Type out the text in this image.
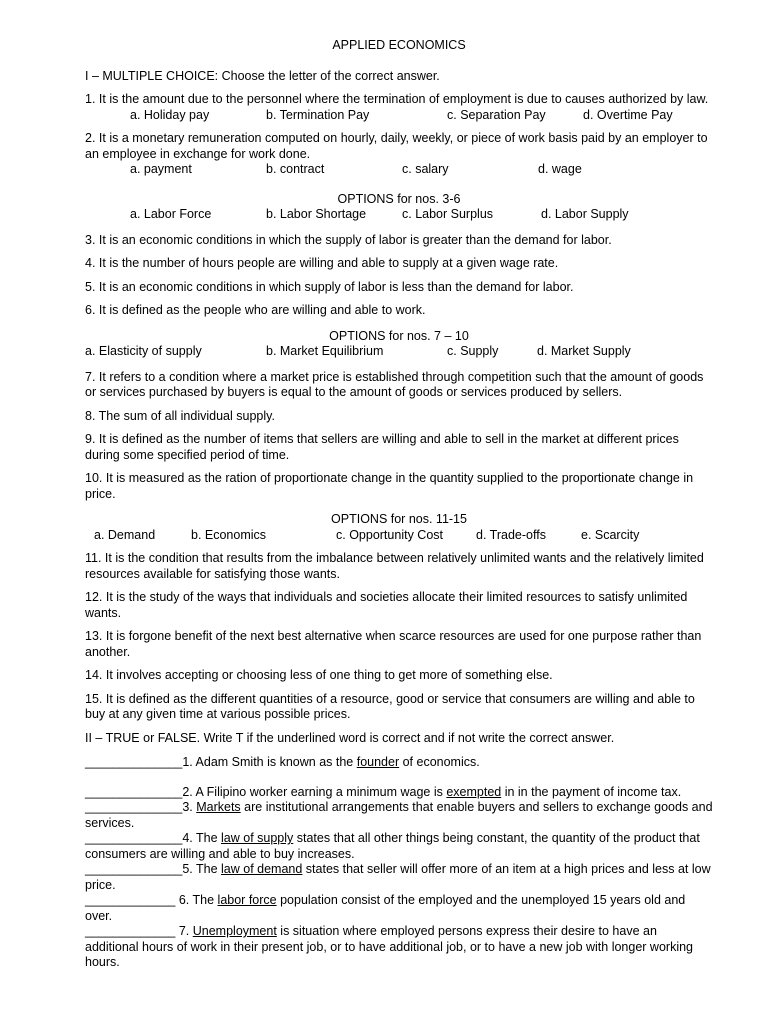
APPLIED ECONOMICS
I – MULTIPLE CHOICE: Choose the letter of the correct answer.
1. It is the amount due to the personnel where the termination of employment is due to causes authorized by law.
a. Holiday pay	b. Termination Pay	c. Separation Pay	d. Overtime Pay
2. It is a monetary remuneration computed on hourly, daily, weekly, or piece of work basis paid by an employer to an employee in exchange for work done.
a. payment	b. contract	c. salary	d. wage
OPTIONS for nos. 3-6
a. Labor Force	b. Labor Shortage	c. Labor Surplus	d. Labor Supply
3. It is an economic conditions in which the supply of labor is greater than the demand for labor.
4. It is the number of hours people are willing and able to supply at a given wage rate.
5. It is an economic conditions in which supply of labor is less than the demand for labor.
6. It is defined as the people who are willing and able to work.
OPTIONS for nos. 7 – 10
a. Elasticity of supply	b. Market Equilibrium	c. Supply	d. Market Supply
7. It refers to a condition where a market price is established through competition such that the amount of goods or services purchased by buyers is equal to the amount of goods or services produced by sellers.
8. The sum of all individual supply.
9. It is defined as the number of items that sellers are willing and able to sell in the market at different prices during some specified period of time.
10. It is measured as the ration of proportionate change in the quantity supplied to the proportionate change in price.
OPTIONS for nos. 11-15
a. Demand	b. Economics	c. Opportunity Cost	d. Trade-offs	e. Scarcity
11. It is the condition that results from the imbalance between relatively unlimited wants and the relatively limited resources available for satisfying those wants.
12. It is the study of the ways that individuals and societies allocate their limited resources to satisfy unlimited wants.
13. It is forgone benefit of the next best alternative when scarce resources are used for one purpose rather than another.
14. It involves accepting or choosing less of one thing to get more of something else.
15. It is defined as the different quantities of a resource, good or service that consumers are willing and able to buy at any given time at various possible prices.
II – TRUE or FALSE. Write T if the underlined word is correct and if not write the correct answer.
______________1. Adam Smith is known as the founder of economics.
______________2. A Filipino worker earning a minimum wage is exempted in in the payment of income tax.
______________3. Markets are institutional arrangements that enable buyers and sellers to exchange goods and services.
______________4. The law of supply states that all other things being constant, the quantity of the product that consumers are willing and able to buy increases.
______________5. The law of demand states that seller will offer more of an item at a high prices and less at low price.
_____________ 6. The labor force population consist of the employed and the unemployed 15 years old and over.
_____________ 7. Unemployment is situation where employed persons express their desire to have an additional hours of work in their present job, or to have additional job, or to have a new job with longer working hours.
